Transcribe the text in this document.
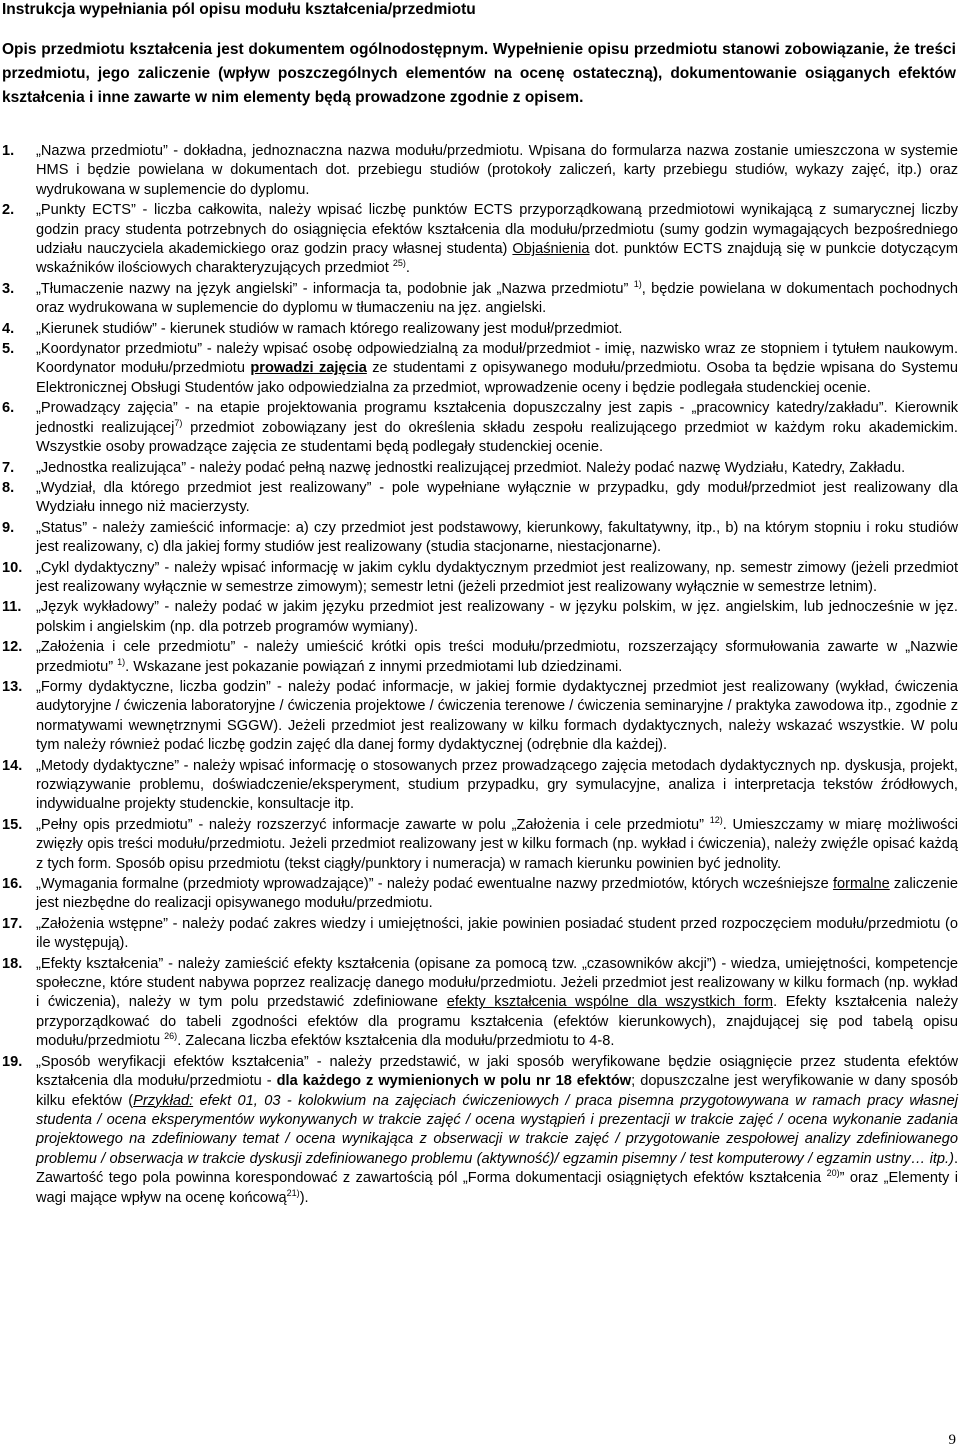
Instrukcja wypełniania pól opisu modułu kształcenia/przedmiotu
Opis przedmiotu kształcenia jest dokumentem ogólnodostępnym. Wypełnienie opisu przedmiotu stanowi zobowiązanie, że treści przedmiotu, jego zaliczenie (wpływ poszczególnych elementów na ocenę ostateczną), dokumentowanie osiąganych efektów kształcenia i inne zawarte w nim elementy będą prowadzone zgodnie z opisem.
1. „Nazwa przedmiotu” - dokładna, jednoznaczna nazwa modułu/przedmiotu. Wpisana do formularza nazwa zostanie umieszczona w systemie HMS i będzie powielana w dokumentach dot. przebiegu studiów (protokoły zaliczeń, karty przebiegu studiów, wykazy zajęć, itp.) oraz wydrukowana w suplemencie do dyplomu.
2. „Punkty ECTS” - liczba całkowita, należy wpisać liczbę punktów ECTS przyporządkowaną przedmiotowi wynikającą z sumarycznej liczby godzin pracy studenta potrzebnych do osiągnięcia efektów kształcenia dla modułu/przedmiotu (sumy godzin wymagających bezpośredniego udziału nauczyciela akademickiego oraz godzin pracy własnej studenta) Objaśnienia dot. punktów ECTS znajdują się w punkcie dotyczącym wskaźników ilościowych charakteryzujących przedmiot $^{25)}$.
3. „Tłumaczenie nazwy na język angielski” - informacja ta, podobnie jak „Nazwa przedmiotu” $^{1)}$, będzie powielana w dokumentach pochodnych oraz wydrukowana w suplemencie do dyplomu w tłumaczeniu na jęz. angielski.
4. „Kierunek studiów” - kierunek studiów w ramach którego realizowany jest moduł/przedmiot.
5. „Koordynator przedmiotu” - należy wpisać osobę odpowiedzialną za moduł/przedmiot - imię, nazwisko wraz ze stopniem i tytułem naukowym. Koordynator modułu/przedmiotu prowadzi zajęcia ze studentami z opisywanego modułu/przedmiotu. Osoba ta będzie wpisana do Systemu Elektronicznej Obsługi Studentów jako odpowiedzialna za przedmiot, wprowadzenie oceny i będzie podlegała studenckiej ocenie.
6. „Prowadzący zajęcia” - na etapie projektowania programu kształcenia dopuszczalny jest zapis - „pracownicy katedry/zakładu”. Kierownik jednostki realizującej$^{7)}$ przedmiot zobowiązany jest do określenia składu zespołu realizującego przedmiot w każdym roku akademickim. Wszystkie osoby prowadzące zajęcia ze studentami będą podlegały studenckiej ocenie.
7. „Jednostka realizująca” - należy podać pełną nazwę jednostki realizującej przedmiot. Należy podać nazwę Wydziału, Katedry, Zakładu.
8. „Wydział, dla którego przedmiot jest realizowany” - pole wypełniane wyłącznie w przypadku, gdy moduł/przedmiot jest realizowany dla Wydziału innego niż macierzysty.
9. „Status” - należy zamieścić informacje: a) czy przedmiot jest podstawowy, kierunkowy, fakultatywny, itp., b) na którym stopniu i roku studiów jest realizowany, c) dla jakiej formy studiów jest realizowany (studia stacjonarne, niestacjonarne).
10. „Cykl dydaktyczny” - należy wpisać informację w jakim cyklu dydaktycznym przedmiot jest realizowany, np. semestr zimowy (jeżeli przedmiot jest realizowany wyłącznie w semestrze zimowym); semestr letni (jeżeli przedmiot jest realizowany wyłącznie w semestrze letnim).
11. „Język wykładowy” - należy podać w jakim języku przedmiot jest realizowany - w języku polskim, w jęz. angielskim, lub jednocześnie w jęz. polskim i angielskim (np. dla potrzeb programów wymiany).
12. „Założenia i cele przedmiotu” - należy umieścić krótki opis treści modułu/przedmiotu, rozszerzający sformułowania zawarte w „Nazwie przedmiotu” $^{1)}$. Wskazane jest pokazanie powiązań z innymi przedmiotami lub dziedzinami.
13. „Formy dydaktyczne, liczba godzin” - należy podać informacje, w jakiej formie dydaktycznej przedmiot jest realizowany (wykład, ćwiczenia audytoryjne / ćwiczenia laboratoryjne / ćwiczenia projektowe / ćwiczenia terenowe / ćwiczenia seminaryjne / praktyka zawodowa itp., zgodnie z normatywami wewnętrznymi SGGW). Jeżeli przedmiot jest realizowany w kilku formach dydaktycznych, należy wskazać wszystkie. W polu tym należy również podać liczbę godzin zajęć dla danej formy dydaktycznej (odrębnie dla każdej).
14. „Metody dydaktyczne” - należy wpisać informację o stosowanych przez prowadzącego zajęcia metodach dydaktycznych np. dyskusja, projekt, rozwiązywanie problemu, doświadczenie/eksperyment, studium przypadku, gry symulacyjne, analiza i interpretacja tekstów źródłowych, indywidualne projekty studenckie, konsultacje itp.
15. „Pełny opis przedmiotu” - należy rozszerzyć informacje zawarte w polu „Założenia i cele przedmiotu” $^{12)}$. Umieszczamy w miarę możliwości zwięzły opis treści modułu/przedmiotu. Jeżeli przedmiot realizowany jest w kilku formach (np. wykład i ćwiczenia), należy zwięźle opisać każdą z tych form. Sposób opisu przedmiotu (tekst ciągły/punktory i numeracja) w ramach kierunku powinien być jednolity.
16. „Wymagania formalne (przedmioty wprowadzające)” - należy podać ewentualne nazwy przedmiotów, których wcześniejsze formalne zaliczenie jest niezbędne do realizacji opisywanego modułu/przedmiotu.
17. „Założenia wstępne” - należy podać zakres wiedzy i umiejętności, jakie powinien posiadać student przed rozpoczęciem modułu/przedmiotu (o ile występują).
18. „Efekty kształcenia” - należy zamieścić efekty kształcenia (opisane za pomocą tzw. „czasowników akcji”) - wiedza, umiejętności, kompetencje społeczne, które student nabywa poprzez realizację danego modułu/przedmiotu. Jeżeli przedmiot jest realizowany w kilku formach (np. wykład i ćwiczenia), należy w tym polu przedstawić zdefiniowane efekty kształcenia wspólne dla wszystkich form. Efekty kształcenia należy przyporządkować do tabeli zgodności efektów dla programu kształcenia (efektów kierunkowych), znajdującej się pod tabelą opisu modułu/przedmiotu $^{26)}$. Zalecana liczba efektów kształcenia dla modułu/przedmiotu to 4-8.
19. „Sposób weryfikacji efektów kształcenia” - należy przedstawić, w jaki sposób weryfikowane będzie osiągnięcie przez studenta efektów kształcenia dla modułu/przedmiotu - dla każdego z wymienionych w polu nr 18 efektów; dopuszczalne jest weryfikowanie w dany sposób kilku efektów (Przykład: efekt 01, 03 - kolokwium na zajęciach ćwiczeniowych / praca pisemna przygotowywana w ramach pracy własnej studenta / ocena eksperymentów wykonywanych w trakcie zajęć / ocena wystąpień i prezentacji w trakcie zajęć / ocena wykonanie zadania projektowego na zdefiniowany temat / ocena wynikająca z obserwacji w trakcie zajęć / przygotowanie zespołowej analizy zdefiniowanego problemu / obserwacja w trakcie dyskusji zdefiniowanego problemu (aktywność)/ egzamin pisemny / test komputerowy / egzamin ustny… itp.). Zawartość tego pola powinna korespondować z zawartością pól „Forma dokumentacji osiągniętych efektów kształcenia $^{20)}$” oraz „Elementy i wagi mające wpływ na ocenę końcową$^{21)}$).
9
